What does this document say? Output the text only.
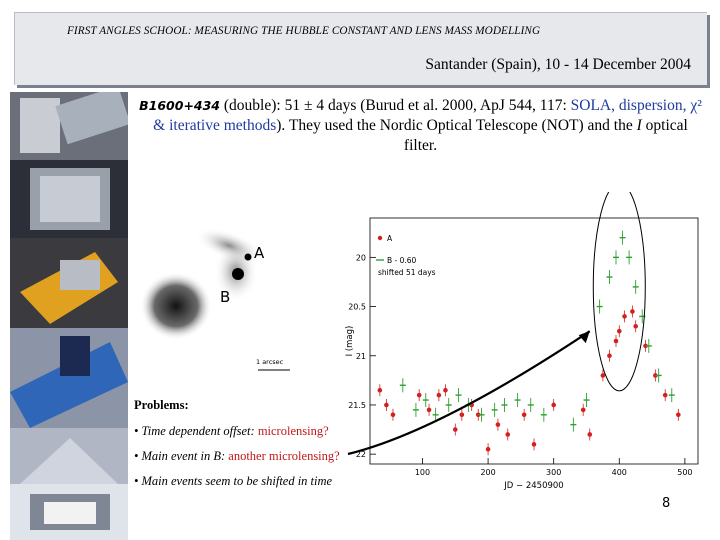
FIRST ANGLES SCHOOL: MEASURING THE HUBBLE CONSTANT AND LENS MASS MODELLING
Santander (Spain), 10 - 14 December 2004
B1600+434 (double): 51 ± 4 days (Burud et al. 2000, ApJ 544, 117: SOLA, dispersion, χ² & iterative methods). They used the Nordic Optical Telescope (NOT) and the I optical filter.
A
B
1 arcsec
100	200	300	400	500
20
20.5
21
21.5
22
JD − 2450900
I (mag)
A
B - 0.60
shifted 51 days
Problems:
• Time dependent offset: microlensing?
• Main event in B: another microlensing?
• Main events seem to be shifted in time
8
